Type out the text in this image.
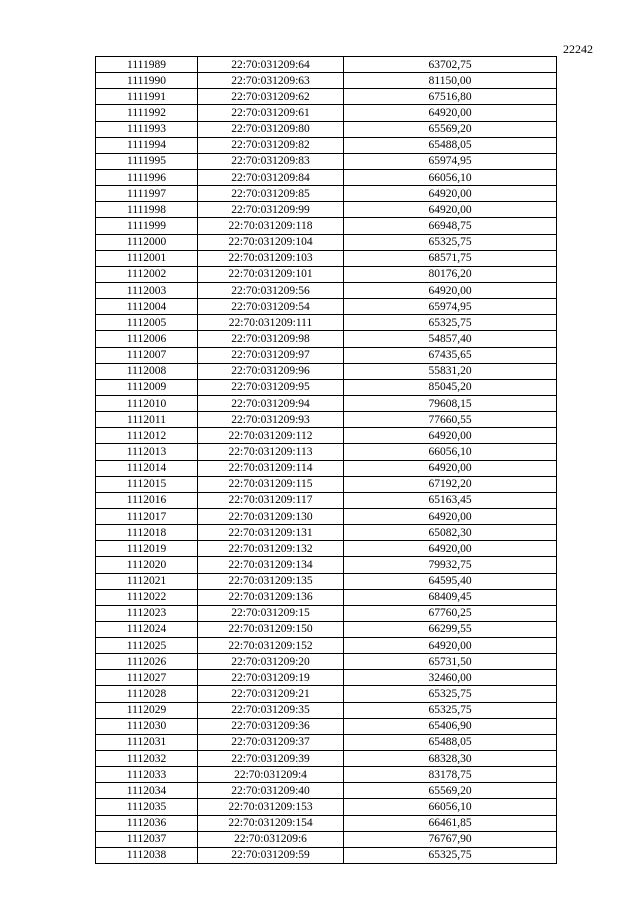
22242
1111989	22:70:031209:64	63702,75
1111990	22:70:031209:63	81150,00
1111991	22:70:031209:62	67516,80
1111992	22:70:031209:61	64920,00
1111993	22:70:031209:80	65569,20
1111994	22:70:031209:82	65488,05
1111995	22:70:031209:83	65974,95
1111996	22:70:031209:84	66056,10
1111997	22:70:031209:85	64920,00
1111998	22:70:031209:99	64920,00
1111999	22:70:031209:118	66948,75
1112000	22:70:031209:104	65325,75
1112001	22:70:031209:103	68571,75
1112002	22:70:031209:101	80176,20
1112003	22:70:031209:56	64920,00
1112004	22:70:031209:54	65974,95
1112005	22:70:031209:111	65325,75
1112006	22:70:031209:98	54857,40
1112007	22:70:031209:97	67435,65
1112008	22:70:031209:96	55831,20
1112009	22:70:031209:95	85045,20
1112010	22:70:031209:94	79608,15
1112011	22:70:031209:93	77660,55
1112012	22:70:031209:112	64920,00
1112013	22:70:031209:113	66056,10
1112014	22:70:031209:114	64920,00
1112015	22:70:031209:115	67192,20
1112016	22:70:031209:117	65163,45
1112017	22:70:031209:130	64920,00
1112018	22:70:031209:131	65082,30
1112019	22:70:031209:132	64920,00
1112020	22:70:031209:134	79932,75
1112021	22:70:031209:135	64595,40
1112022	22:70:031209:136	68409,45
1112023	22:70:031209:15	67760,25
1112024	22:70:031209:150	66299,55
1112025	22:70:031209:152	64920,00
1112026	22:70:031209:20	65731,50
1112027	22:70:031209:19	32460,00
1112028	22:70:031209:21	65325,75
1112029	22:70:031209:35	65325,75
1112030	22:70:031209:36	65406,90
1112031	22:70:031209:37	65488,05
1112032	22:70:031209:39	68328,30
1112033	22:70:031209:4	83178,75
1112034	22:70:031209:40	65569,20
1112035	22:70:031209:153	66056,10
1112036	22:70:031209:154	66461,85
1112037	22:70:031209:6	76767,90
1112038	22:70:031209:59	65325,75
